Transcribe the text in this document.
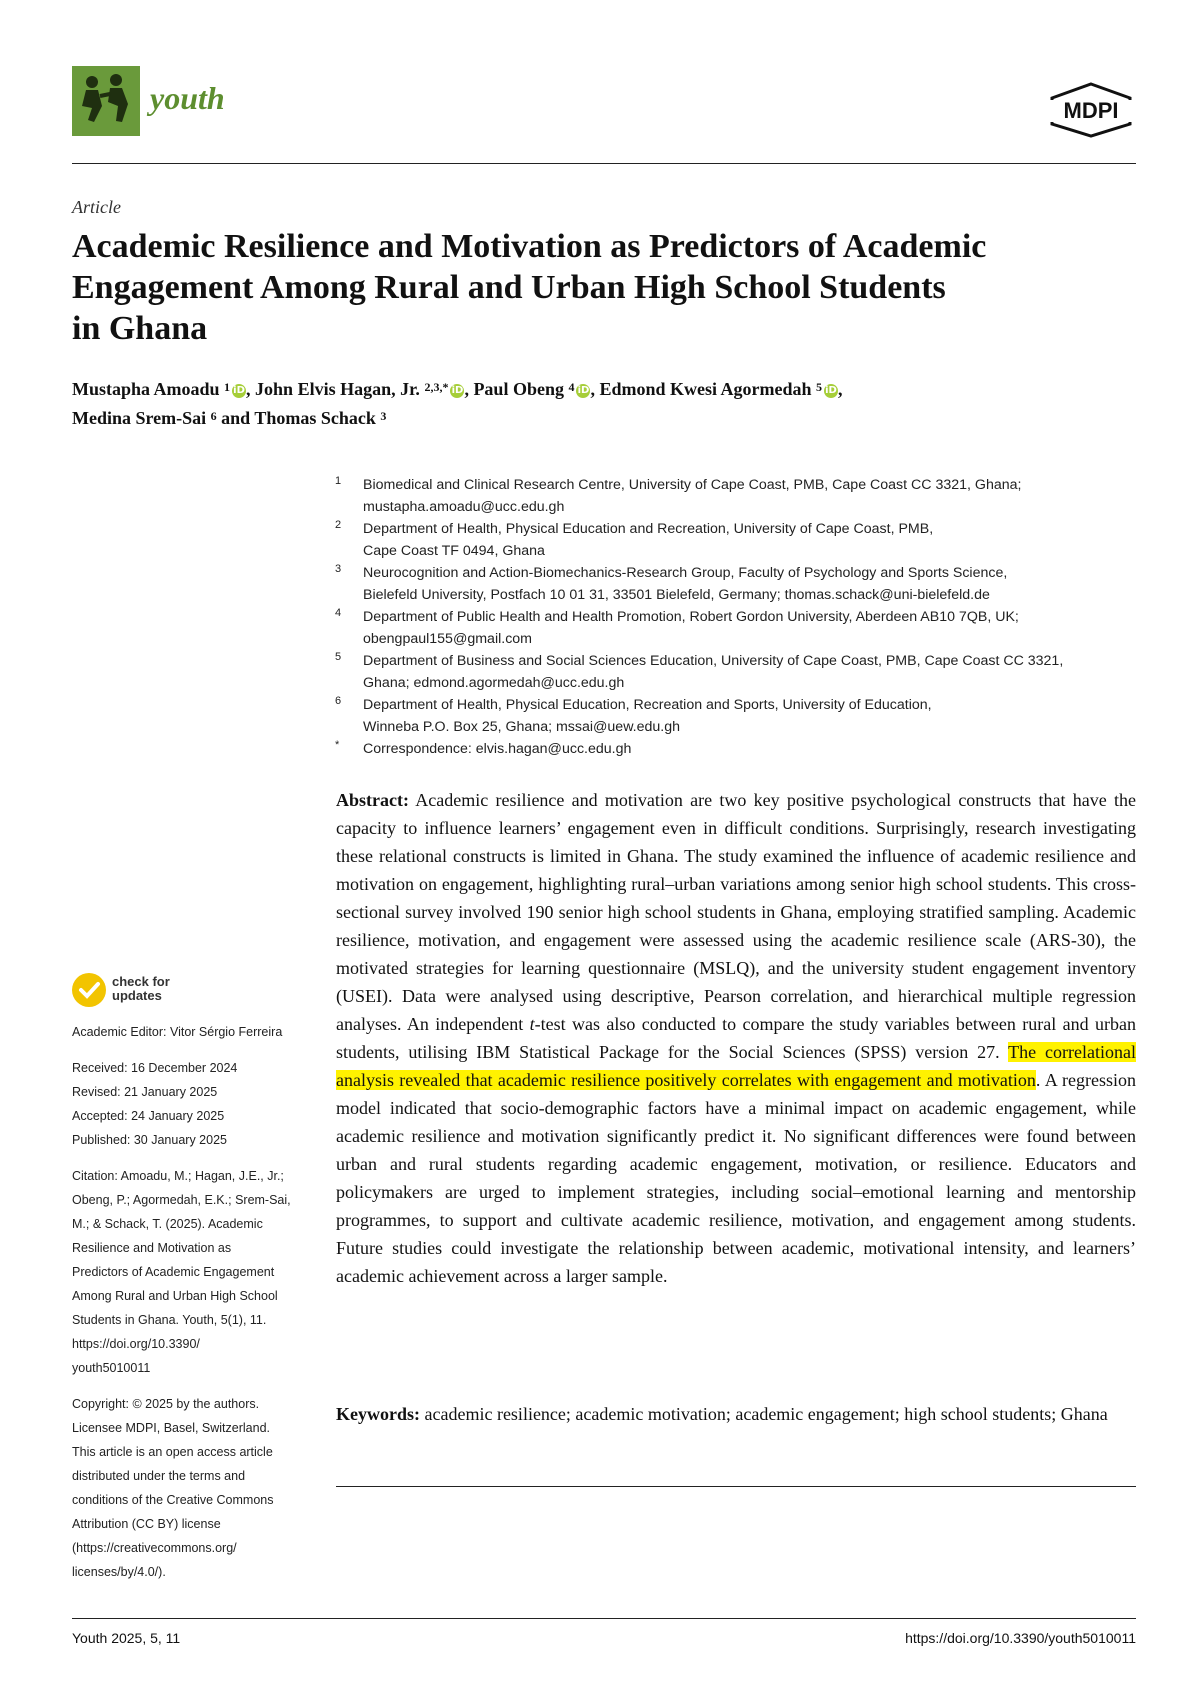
youth	MDPI
Article
Academic Resilience and Motivation as Predictors of Academic
Engagement Among Rural and Urban High School Students
in Ghana
Mustapha Amoadu $^1$ iD, John Elvis Hagan, Jr. $^{2,3,*}$ iD, Paul Obeng $^4$ iD, Edmond Kwesi Agormedah $^5$ iD,
Medina Srem-Sai $^6$ and Thomas Schack $^3$
1 Biomedical and Clinical Research Centre, University of Cape Coast, PMB, Cape Coast CC 3321, Ghana;
mustapha.amoadu@ucc.edu.gh
2 Department of Health, Physical Education and Recreation, University of Cape Coast, PMB,
Cape Coast TF 0494, Ghana
3 Neurocognition and Action-Biomechanics-Research Group, Faculty of Psychology and Sports Science,
Bielefeld University, Postfach 10 01 31, 33501 Bielefeld, Germany; thomas.schack@uni-bielefeld.de
4 Department of Public Health and Health Promotion, Robert Gordon University, Aberdeen AB10 7QB, UK;
obengpaul155@gmail.com
5 Department of Business and Social Sciences Education, University of Cape Coast, PMB, Cape Coast CC 3321,
Ghana; edmond.agormedah@ucc.edu.gh
6 Department of Health, Physical Education, Recreation and Sports, University of Education,
Winneba P.O. Box 25, Ghana; mssai@uew.edu.gh
* Correspondence: elvis.hagan@ucc.edu.gh
Abstract: Academic resilience and motivation are two key positive psychological constructs that have the capacity to influence learners’ engagement even in difficult conditions. Surprisingly, research investigating these relational constructs is limited in Ghana. The study examined the influence of academic resilience and motivation on engagement, highlighting rural–urban variations among senior high school students. This cross-sectional survey involved 190 senior high school students in Ghana, employing stratified sampling. Academic resilience, motivation, and engagement were assessed using the academic resilience scale (ARS-30), the motivated strategies for learning questionnaire (MSLQ), and the university student engagement inventory (USEI). Data were analysed using descriptive, Pearson correlation, and hierarchical multiple regression analyses. An independent t-test was also conducted to compare the study variables between rural and urban students, utilising IBM Statistical Package for the Social Sciences (SPSS) version 27. The correlational analysis revealed that academic resilience positively correlates with engagement and motivation. A regression model indicated that socio-demographic factors have a minimal impact on academic engagement, while academic resilience and motivation significantly predict it. No significant differences were found between urban and rural students regarding academic engagement, motivation, or resilience. Educators and policymakers are urged to implement strategies, including social–emotional learning and mentorship programmes, to support and cultivate academic resilience, motivation, and engagement among students. Future studies could investigate the relationship between academic, motivational intensity, and learners’ academic achievement across a larger sample.
Keywords: academic resilience; academic motivation; academic engagement; high school students; Ghana
check for
updates
Academic Editor: Vitor Sérgio Ferreira
Received: 16 December 2024
Revised: 21 January 2025
Accepted: 24 January 2025
Published: 30 January 2025
Citation: Amoadu, M.; Hagan, J.E., Jr.;
Obeng, P.; Agormedah, E.K.; Srem-Sai,
M.; & Schack, T. (2025). Academic
Resilience and Motivation as
Predictors of Academic Engagement
Among Rural and Urban High School
Students in Ghana. Youth, 5(1), 11.
https://doi.org/10.3390/
youth5010011
Copyright: © 2025 by the authors.
Licensee MDPI, Basel, Switzerland.
This article is an open access article
distributed under the terms and
conditions of the Creative Commons
Attribution (CC BY) license
(https://creativecommons.org/
licenses/by/4.0/).
Youth 2025, 5, 11	https://doi.org/10.3390/youth5010011
